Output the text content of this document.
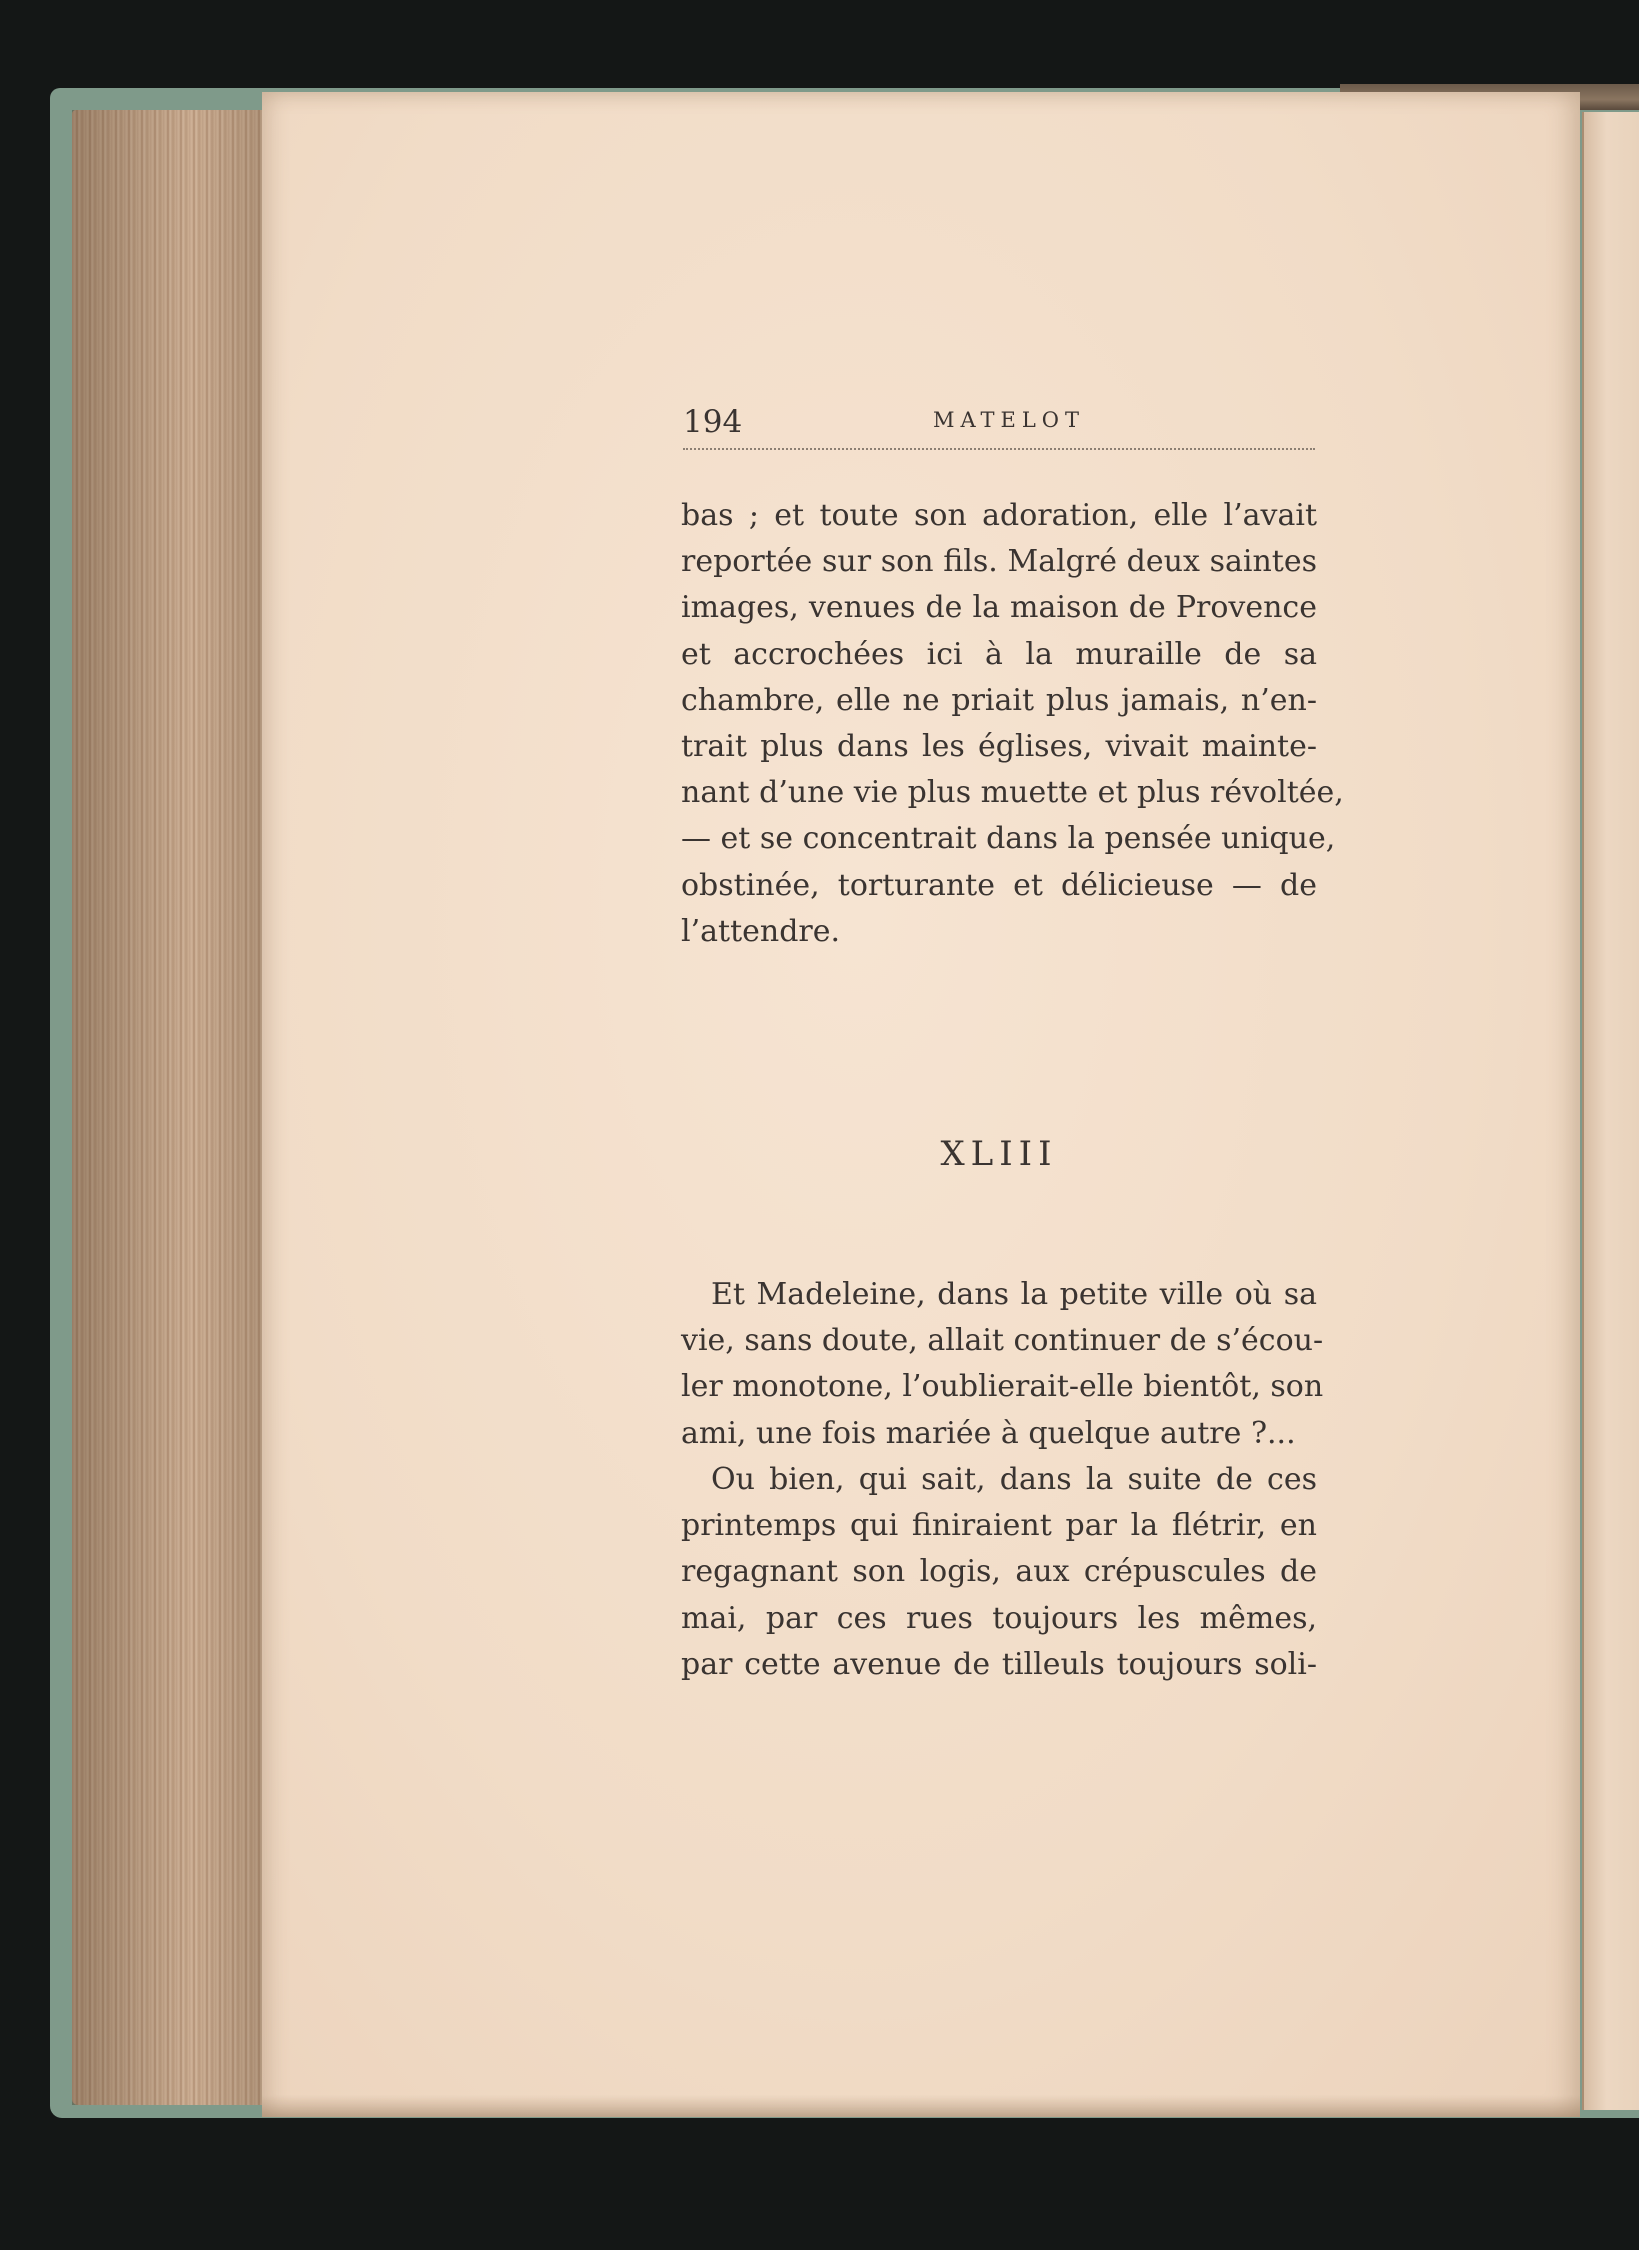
194	MATELOT
bas ; et toute son adoration, elle l’avait
reportée sur son fils. Malgré deux saintes
images, venues de la maison de Provence
et accrochées ici à la muraille de sa
chambre, elle ne priait plus jamais, n’en-
trait plus dans les églises, vivait mainte-
nant d’une vie plus muette et plus révoltée,
— et se concentrait dans la pensée unique,
obstinée, torturante et délicieuse — de
l’attendre.
XLIII
Et Madeleine, dans la petite ville où sa
vie, sans doute, allait continuer de s’écou-
ler monotone, l’oublierait-elle bientôt, son
ami, une fois mariée à quelque autre ?...
Ou bien, qui sait, dans la suite de ces
printemps qui finiraient par la flétrir, en
regagnant son logis, aux crépuscules de
mai, par ces rues toujours les mêmes,
par cette avenue de tilleuls toujours soli-
